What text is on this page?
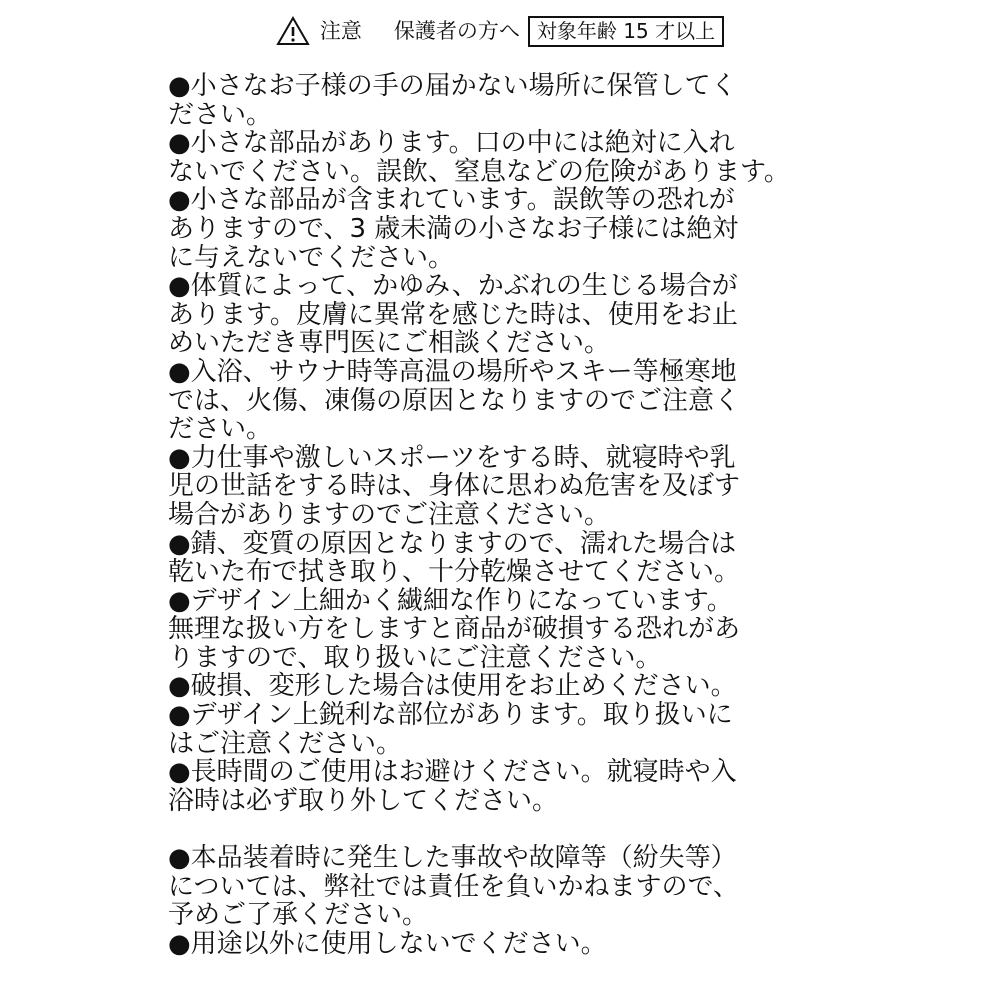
注意 保護者の方へ 対象年齢 15 才以上
●小さなお子様の手の届かない場所に保管してく
ださい。
●小さな部品があります。口の中には絶対に入れ
ないでください。誤飲、窒息などの危険があります。
●小さな部品が含まれています。誤飲等の恐れが
ありますので、3 歳未満の小さなお子様には絶対
に与えないでください。
●体質によって、かゆみ、かぶれの生じる場合が
あります。皮膚に異常を感じた時は、使用をお止
めいただき専門医にご相談ください。
●入浴、サウナ時等高温の場所やスキー等極寒地
では、火傷、凍傷の原因となりますのでご注意く
ださい。
●力仕事や激しいスポーツをする時、就寝時や乳
児の世話をする時は、身体に思わぬ危害を及ぼす
場合がありますのでご注意ください。
●錆、変質の原因となりますので、濡れた場合は
乾いた布で拭き取り、十分乾燥させてください。
●デザイン上細かく繊細な作りになっています。
無理な扱い方をしますと商品が破損する恐れがあ
りますので、取り扱いにご注意ください。
●破損、変形した場合は使用をお止めください。
●デザイン上鋭利な部位があります。取り扱いに
はご注意ください。
●長時間のご使用はお避けください。就寝時や入
浴時は必ず取り外してください。
●本品装着時に発生した事故や故障等（紛失等）
については、弊社では責任を負いかねますので、
予めご了承ください。
●用途以外に使用しないでください。
